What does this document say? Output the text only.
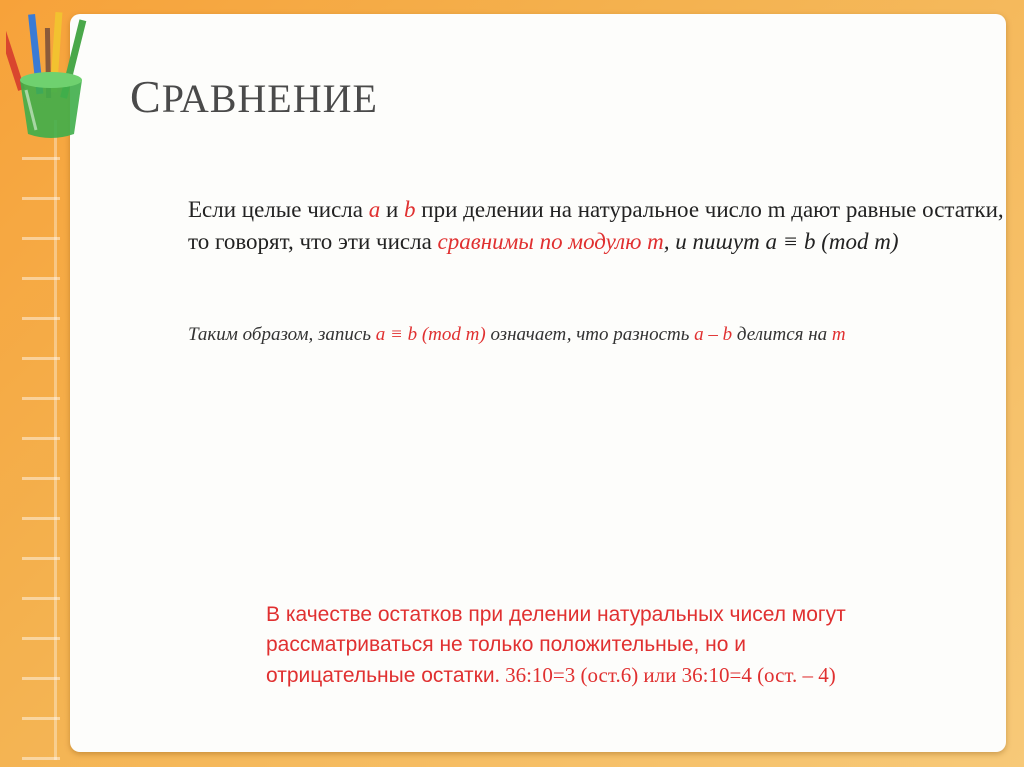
СРАВНЕНИЕ
Если целые числа a и b при делении на натуральное число m дают равные остатки, то говорят, что эти числа сравнимы по модулю m, и пишут a ≡ b (mod m)
Таким образом, запись a ≡ b (mod m) означает, что разность a – b делится на m
В качестве остатков при делении натуральных чисел могут
рассматриваться не только положительные, но и
отрицательные остатки. 36:10=3 (ост.6) или 36:10=4 (ост. – 4)
